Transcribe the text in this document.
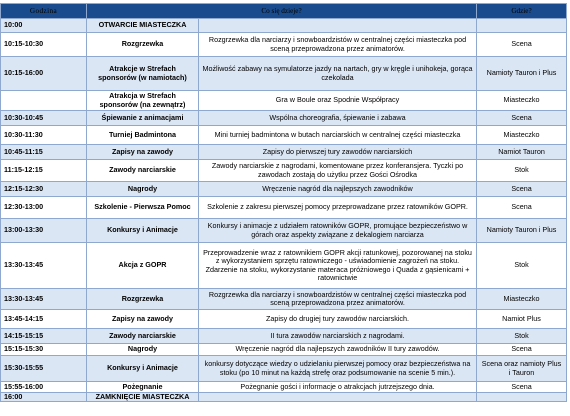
Godzina	Co się dzieje?		Gdzie?
10:00	OTWARCIE MIASTECZKA		
10:15-10:30	Rozgrzewka	Rozgrzewka dla narciarzy i snowboardzistów w centralnej części miasteczka pod sceną przeprowadzona przez animatorów.	Scena
10:15-16:00	Atrakcje w Strefach sponsorów (w namiotach)	Możliwość zabawy na symulatorze jazdy na nartach, gry w kręgle i unihokeja, gorąca czekolada	Namioty Tauron i Plus
	Atrakcja w Strefach sponsorów (na zewnątrz)	Gra w Boule oraz Spodnie Współpracy	Miasteczko
10:30-10:45	Śpiewanie z animacjami	Wspólna choreografia, śpiewanie i zabawa	Scena
10:30-11:30	Turniej Badmintona	Mini turniej badmintona w butach narciarskich w centralnej części miasteczka	Miasteczko
10:45-11:15	Zapisy na zawody	Zapisy do pierwszej tury zawodów narciarskich	Namiot Tauron
11:15-12:15	Zawody narciarskie	Zawody narciarskie z nagrodami, komentowane przez konferansjera. Tyczki po zawodach zostają do użytku przez Gości Ośrodka	Stok
12:15-12:30	Nagrody	Wręczenie nagród dla najlepszych zawodników	Scena
12:30-13:00	Szkolenie - Pierwsza Pomoc	Szkolenie z zakresu pierwszej pomocy przeprowadzane przez ratowników GOPR.	Scena
13:00-13:30	Konkursy i Animacje	Konkursy i animacje z udziałem ratowników GOPR, promujące bezpieczeństwo w górach oraz aspekty związane z dekalogiem narciarza	Namioty Tauron i Plus
13:30-13:45	Akcja z GOPR	Przeprowadzenie wraz z ratownikiem GOPR akcji ratunkowej, pozorowanej na stoku z wykorzystaniem sprzętu ratowniczego - uświadomienie zagrożeń na stoku. Zdarzenie na stoku, wykorzystanie materaca próżniowego i Quada z gąsienicami + ratownictwie	Stok
13:30-13:45	Rozgrzewka	Rozgrzewka dla narciarzy i snowboardzistów w centralnej części miasteczka pod sceną przeprowadzona przez animatorów.	Miasteczko
13:45-14:15	Zapisy na zawody	Zapisy do drugiej tury zawodów narciarskich.	Namiot Plus
14:15-15:15	Zawody narciarskie	II tura zawodów narciarskich z nagrodami.	Stok
15:15-15:30	Nagrody	Wręczenie nagród dla najlepszych zawodników II tury zawodów.	Scena
15:30-15:55	Konkursy i Animacje	konkursy dotyczące wiedzy o udzielaniu pierwszej pomocy oraz bezpieczeństwa na stoku (po 10 minut na każdą strefę oraz podsumowanie na scenie 5 min.).	Scena oraz namioty Plus i Tauron
15:55-16:00	Pożegnanie	Pożegnanie gości i informacje o atrakcjach jutrzejszego dnia.	Scena
16:00	ZAMKNIĘCIE MIASTECZKA		
